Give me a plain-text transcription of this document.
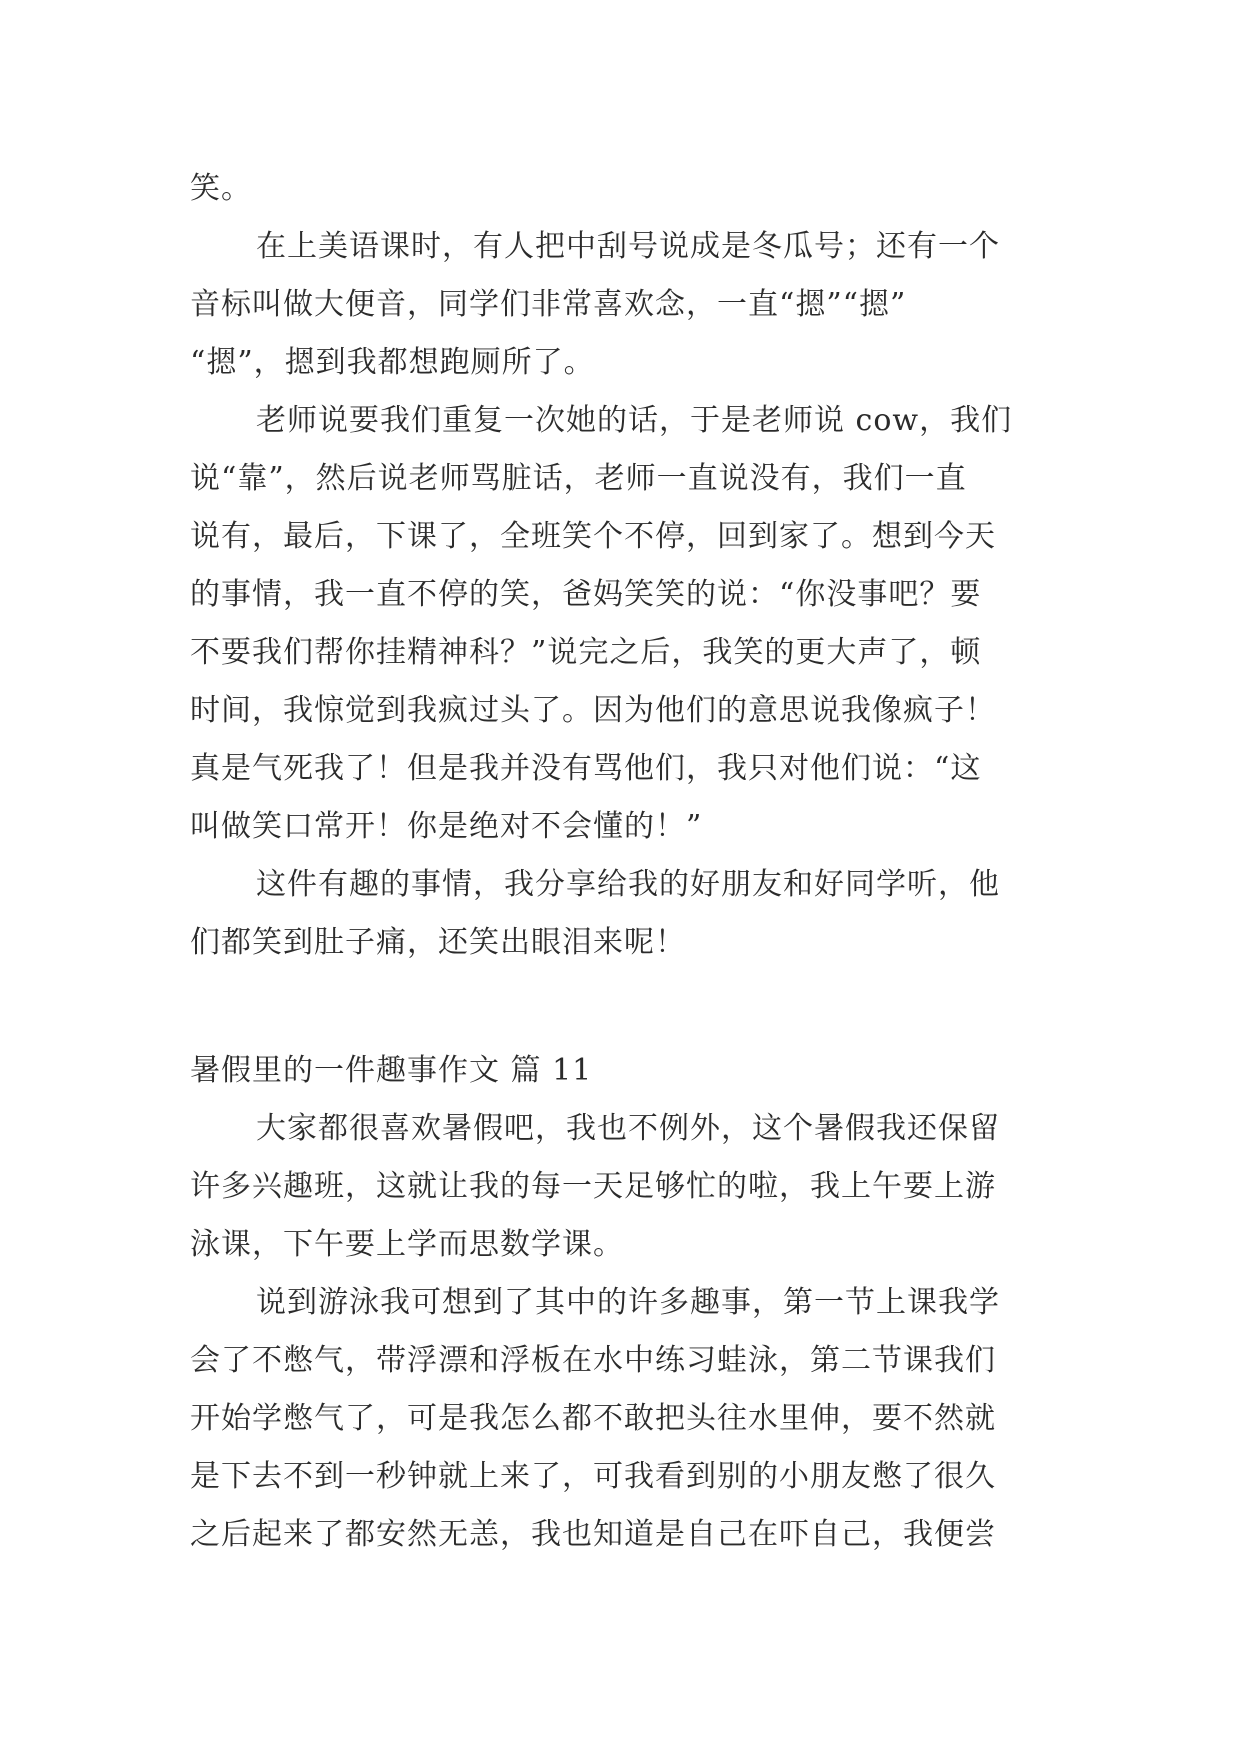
笑。
在上美语课时，有人把中刮号说成是冬瓜号；还有一个
音标叫做大便音，同学们非常喜欢念，一直“摁”“摁”
“摁”，摁到我都想跑厕所了。
老师说要我们重复一次她的话，于是老师说 cow，我们
说“靠”，然后说老师骂脏话，老师一直说没有，我们一直
说有，最后，下课了，全班笑个不停，回到家了。想到今天
的事情，我一直不停的笑，爸妈笑笑的说：“你没事吧？要
不要我们帮你挂精神科？”说完之后，我笑的更大声了，顿
时间，我惊觉到我疯过头了。因为他们的意思说我像疯子！
真是气死我了！但是我并没有骂他们，我只对他们说：“这
叫做笑口常开！你是绝对不会懂的！”
这件有趣的事情，我分享给我的好朋友和好同学听，他
们都笑到肚子痛，还笑出眼泪来呢！
暑假里的一件趣事作文 篇 11
大家都很喜欢暑假吧，我也不例外，这个暑假我还保留
许多兴趣班，这就让我的每一天足够忙的啦，我上午要上游
泳课，下午要上学而思数学课。
说到游泳我可想到了其中的许多趣事，第一节上课我学
会了不憋气，带浮漂和浮板在水中练习蛙泳，第二节课我们
开始学憋气了，可是我怎么都不敢把头往水里伸，要不然就
是下去不到一秒钟就上来了，可我看到别的小朋友憋了很久
之后起来了都安然无恙，我也知道是自己在吓自己，我便尝
